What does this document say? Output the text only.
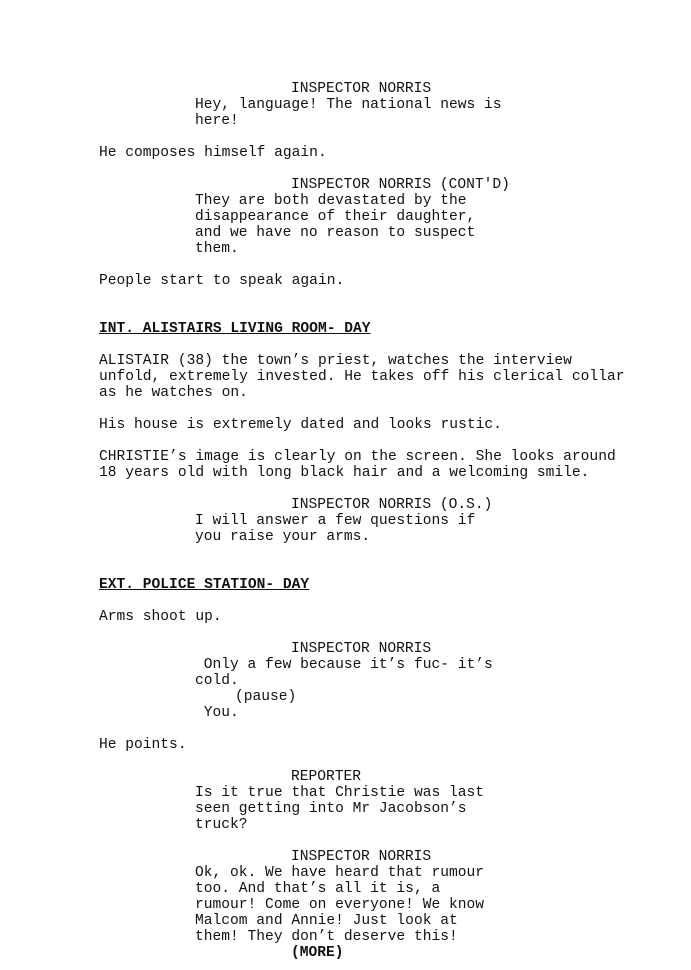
INSPECTOR NORRIS
Hey, language! The national news is
here!
He composes himself again.
INSPECTOR NORRIS (CONT'D)
They are both devastated by the
disappearance of their daughter,
and we have no reason to suspect
them.
People start to speak again.
INT. ALISTAIRS LIVING ROOM- DAY
ALISTAIR (38) the town’s priest, watches the interview
unfold, extremely invested. He takes off his clerical collar
as he watches on.
His house is extremely dated and looks rustic.
CHRISTIE’s image is clearly on the screen. She looks around
18 years old with long black hair and a welcoming smile.
INSPECTOR NORRIS (O.S.)
I will answer a few questions if
you raise your arms.
EXT. POLICE STATION- DAY
Arms shoot up.
INSPECTOR NORRIS
Only a few because it’s fuc- it’s
cold.
(pause)
You.
He points.
REPORTER
Is it true that Christie was last
seen getting into Mr Jacobson’s
truck?
INSPECTOR NORRIS
Ok, ok. We have heard that rumour
too. And that’s all it is, a
rumour! Come on everyone! We know
Malcom and Annie! Just look at
them! They don’t deserve this!
(MORE)
